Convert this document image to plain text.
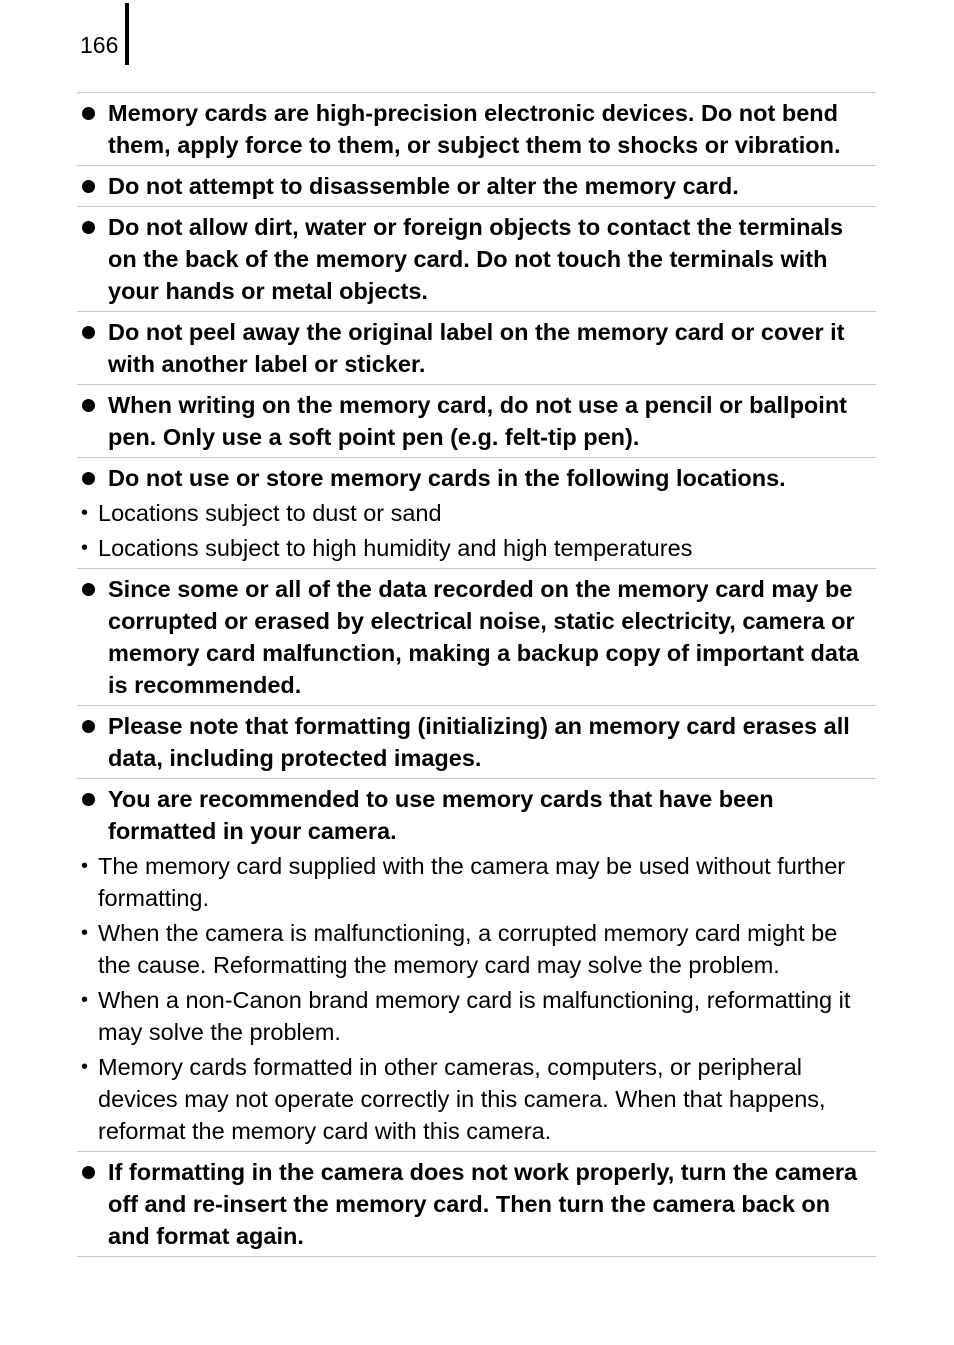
166
Memory cards are high-precision electronic devices. Do not bend them, apply force to them, or subject them to shocks or vibration.
Do not attempt to disassemble or alter the memory card.
Do not allow dirt, water or foreign objects to contact the terminals on the back of the memory card. Do not touch the terminals with your hands or metal objects.
Do not peel away the original label on the memory card or cover it with another label or sticker.
When writing on the memory card, do not use a pencil or ballpoint pen. Only use a soft point pen (e.g. felt-tip pen).
Do not use or store memory cards in the following locations.
• Locations subject to dust or sand
• Locations subject to high humidity and high temperatures
Since some or all of the data recorded on the memory card may be corrupted or erased by electrical noise, static electricity, camera or memory card malfunction, making a backup copy of important data is recommended.
Please note that formatting (initializing) an memory card erases all data, including protected images.
You are recommended to use memory cards that have been formatted in your camera.
• The memory card supplied with the camera may be used without further formatting.
• When the camera is malfunctioning, a corrupted memory card might be the cause. Reformatting the memory card may solve the problem.
• When a non-Canon brand memory card is malfunctioning, reformatting it may solve the problem.
• Memory cards formatted in other cameras, computers, or peripheral devices may not operate correctly in this camera. When that happens, reformat the memory card with this camera.
If formatting in the camera does not work properly, turn the camera off and re-insert the memory card. Then turn the camera back on and format again.
